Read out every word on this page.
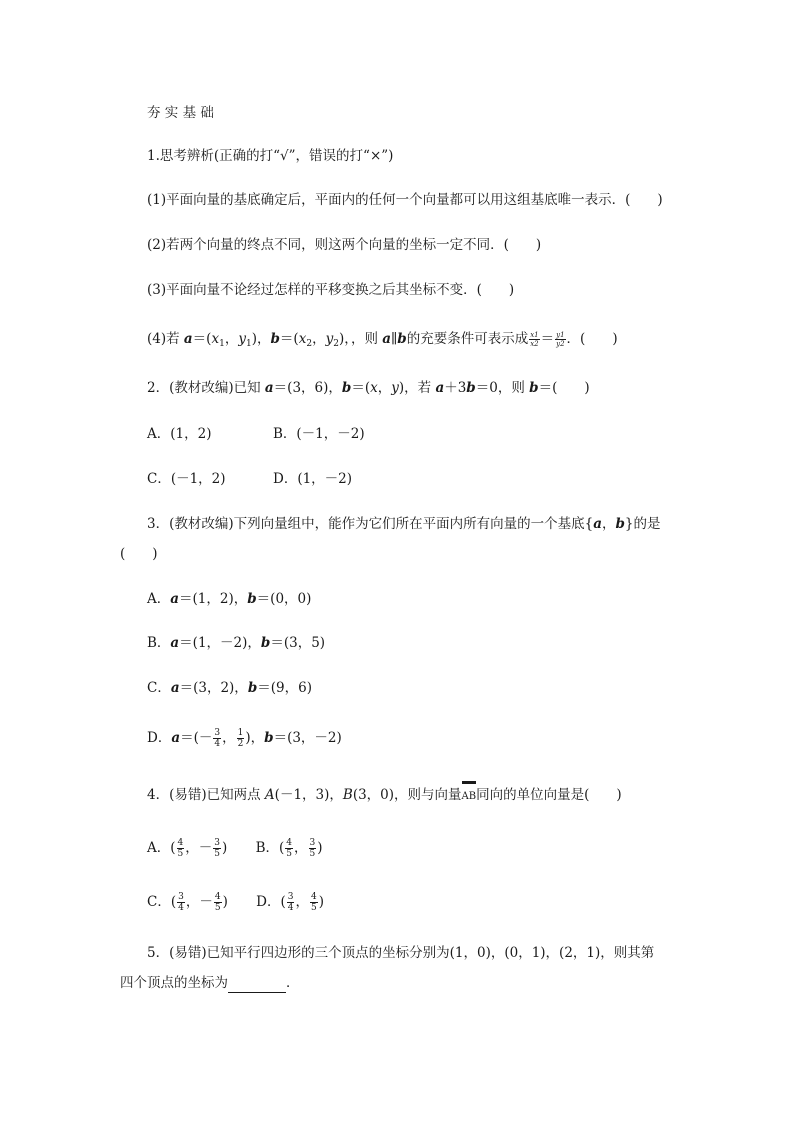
夯 实 基 础
1.思考辨析(正确的打“√”，错误的打“×”)
(1)平面向量的基底确定后，平面内的任何一个向量都可以用这组基底唯一表示．(　　)
(2)若两个向量的终点不同，则这两个向量的坐标一定不同．(　　)
(3)平面向量不论经过怎样的平移变换之后其坐标不变．(　　)
(4)若 $a=(x_1$，$y_1$)，$b=(x_2$，$y_2$)，，则 a∥b的充要条件可表示成 $\frac{x1}{x2} = \frac{y1}{y2}$ ．(　　)
2．(教材改编)已知 a＝(3，6)，b＝(x，y)，若 a＋3b＝0，则 b＝(　　)
A．(1，2)	B．(－1，－2)
C．(－1，2)	D．(1，－2)
3．(教材改编)下列向量组中，能作为它们所在平面内所有向量的一个基底{a，b}的是
(　　)
A．a＝(1，2)，b＝(0，0)
B．a＝(1，－2)，b＝(3，5)
C．a＝(3，2)，b＝(9，6)
D．$a=(- \frac{3}{4}$ ， $\frac{1}{2}$ )，b＝(3，－2)
4．(易错)已知两点 A(－1，3)，B(3，0)，则与向量
AB同向的单位向量是(　　)
A．( $\frac{4}{5}$ ，－ $\frac{3}{5}$ ) B．( $\frac{4}{5}$ ， $\frac{3}{5}$ )
C．( $\frac{3}{4}$ ，－ $\frac{4}{5}$ ) D．( $\frac{3}{4}$ ， $\frac{4}{5}$ )
5．(易错)已知平行四边形的三个顶点的坐标分别为(1，0)，(0，1)，(2，1)，则其第
四个顶点的坐标为	．
